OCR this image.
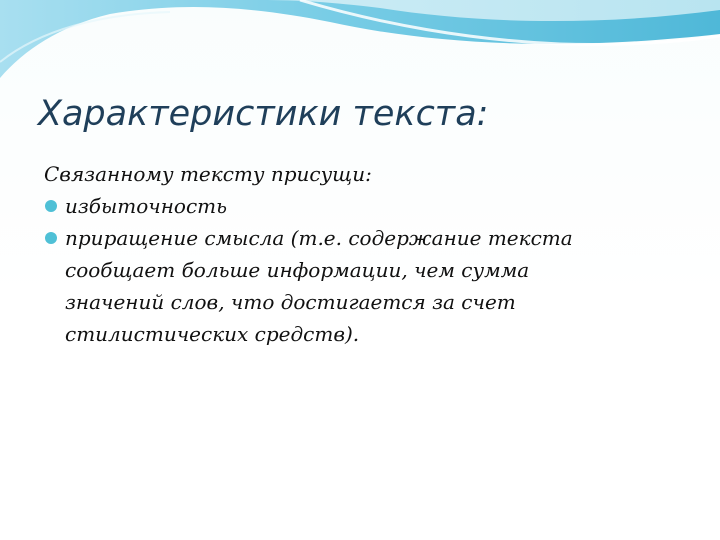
Характеристики текста:
Связанному тексту присущи:
избыточность
приращение смысла (т.е. содержание текста
сообщает больше информации, чем сумма
значений слов, что достигается за счет
стилистических средств).
